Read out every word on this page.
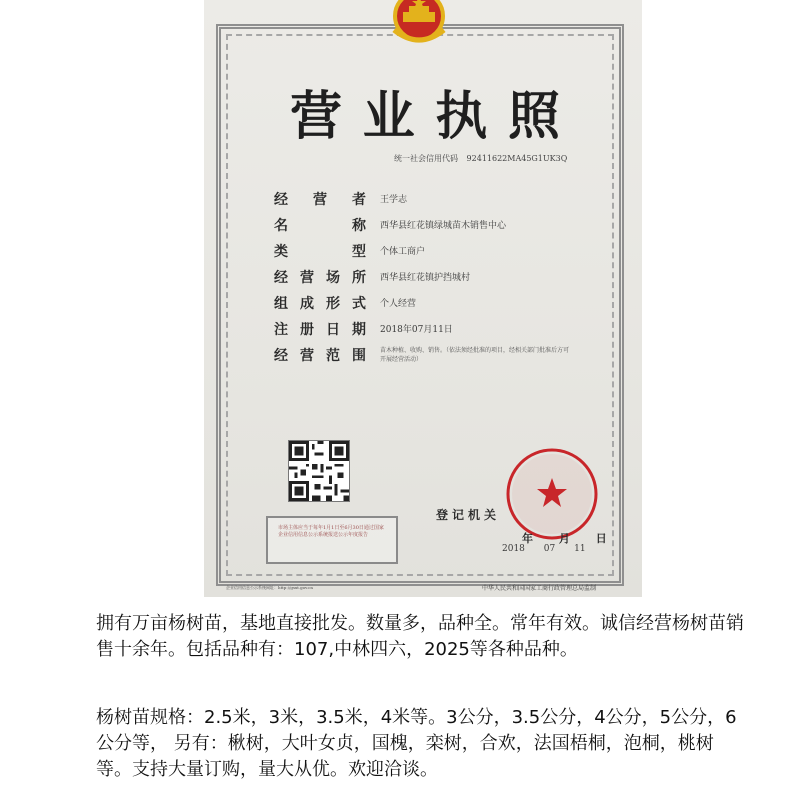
营 业 执 照
统一社会信用代码 92411622MA45G1UK3Q
经 营 者 王学志
名	称 西华县红花镇绿城苗木销售中心
类	型 个体工商户
经 营 场 所 西华县红花镇护挡城村
组 成 形 式 个人经营
注 册 日 期 2018年07月11日
经 营 范 围 苗木种植、收购、销售。（依法须经批准的项目，经相关部门批准后方可开展经营活动）
市场主体应当于每年1月1日至6月30日通过国家企业信用信息公示系统报送公示年度报告
登记机关
年 月 日
2018 07 11
企业信用信息公示系统网址：http://gsxt.gov.cn	中华人民共和国国家工商行政管理总局监制
拥有万亩杨树苗，基地直接批发。数量多，品种全。常年有效。诚信经营杨树苗销售十余年。包括品种有：107,中林四六，2025等各种品种。
杨树苗规格：2.5米，3米，3.5米，4米等。3公分，3.5公分，4公分，5公分，6公分等， 另有：楸树，大叶女贞，国槐，栾树，合欢，法国梧桐，泡桐，桃树等。支持大量订购，量大从优。欢迎洽谈。
